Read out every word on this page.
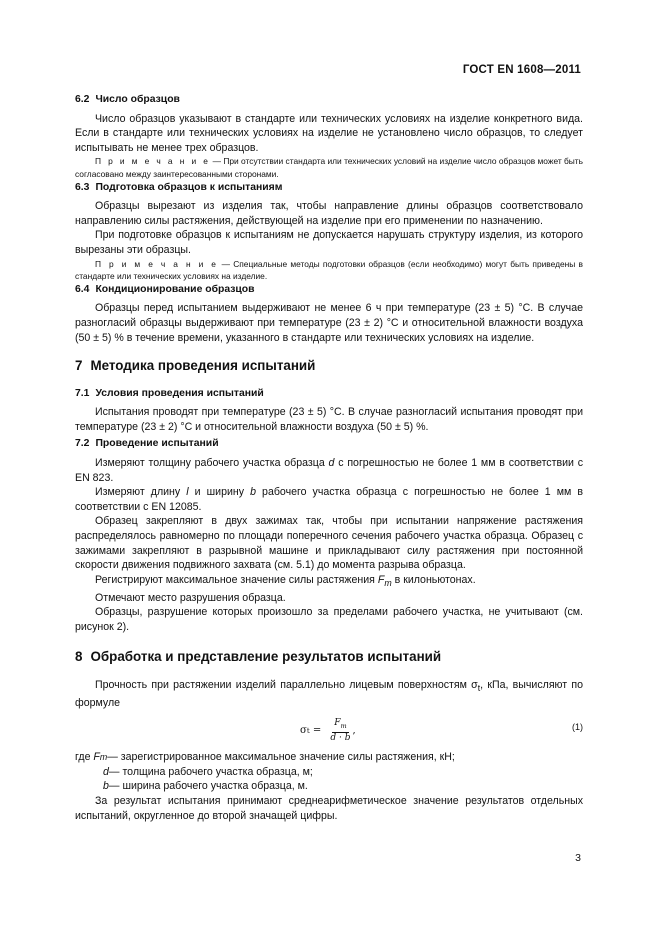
ГОСТ EN 1608—2011
6.2 Число образцов

Число образцов указывают в стандарте или технических условиях на изделие конкретного вида. Если в стандарте или технических условиях на изделие не установлено число образцов, то следует испытывать не менее трех образцов.

П р и м е ч а н и е — При отсутствии стандарта или технических условий на изделие число образцов может быть согласовано между заинтересованными сторонами.
6.3 Подготовка образцов к испытаниям

Образцы вырезают из изделия так, чтобы направление длины образцов соответствовало направлению силы растяжения, действующей на изделие при его применении по назначению.

При подготовке образцов к испытаниям не допускается нарушать структуру изделия, из которого вырезаны эти образцы.

П р и м е ч а н и е — Специальные методы подготовки образцов (если необходимо) могут быть приведены в стандарте или технических условиях на изделие.
6.4 Кондиционирование образцов

Образцы перед испытанием выдерживают не менее 6 ч при температуре (23 ± 5) °С. В случае разногласий образцы выдерживают при температуре (23 ± 2) °С и относительной влажности воздуха (50 ± 5) % в течение времени, указанного в стандарте или технических условиях на изделие.

7 Методика проведения испытаний
7.1 Условия проведения испытаний

Испытания проводят при температуре (23 ± 5) °С. В случае разногласий испытания проводят при температуре (23 ± 2) °С и относительной влажности воздуха (50 ± 5) %.

7.2 Проведение испытаний

Измеряют толщину рабочего участка образца d с погрешностью не более 1 мм в соответствии с EN 823.

Измеряют длину l и ширину b рабочего участка образца с погрешностью не более 1 мм в соответствии с EN 12085.

Образец закрепляют в двух зажимах так, чтобы при испытании напряжение растяжения распределялось равномерно по площади поперечного сечения рабочего участка образца. Образец с зажимами закрепляют в разрывной машине и прикладывают силу растяжения при постоянной скорости движения подвижного захвата (см. 5.1) до момента разрыва образца.

Регистрируют максимальное значение силы растяжения $F_m$ в килоньютонах.

Отмечают место разрушения образца.

Образцы, разрушение которых произошло за пределами рабочего участка, не учитывают (см. рисунок 2).

8 Обработка и представление результатов испытаний

Прочность при растяжении изделий параллельно лицевым поверхностям $\sigma_t$, кПа, вычисляют по формуле

σ $t = \frac{F_m}{d \cdot b}$ ,	(1)
где F m — зарегистрированное максимальное значение силы растяжения, кН;
d — толщина рабочего участка образца, м;
b — ширина рабочего участка образца, м.

За результат испытания принимают среднеарифметическое значение результатов отдельных испытаний, округленное до второй значащей цифры.

3
